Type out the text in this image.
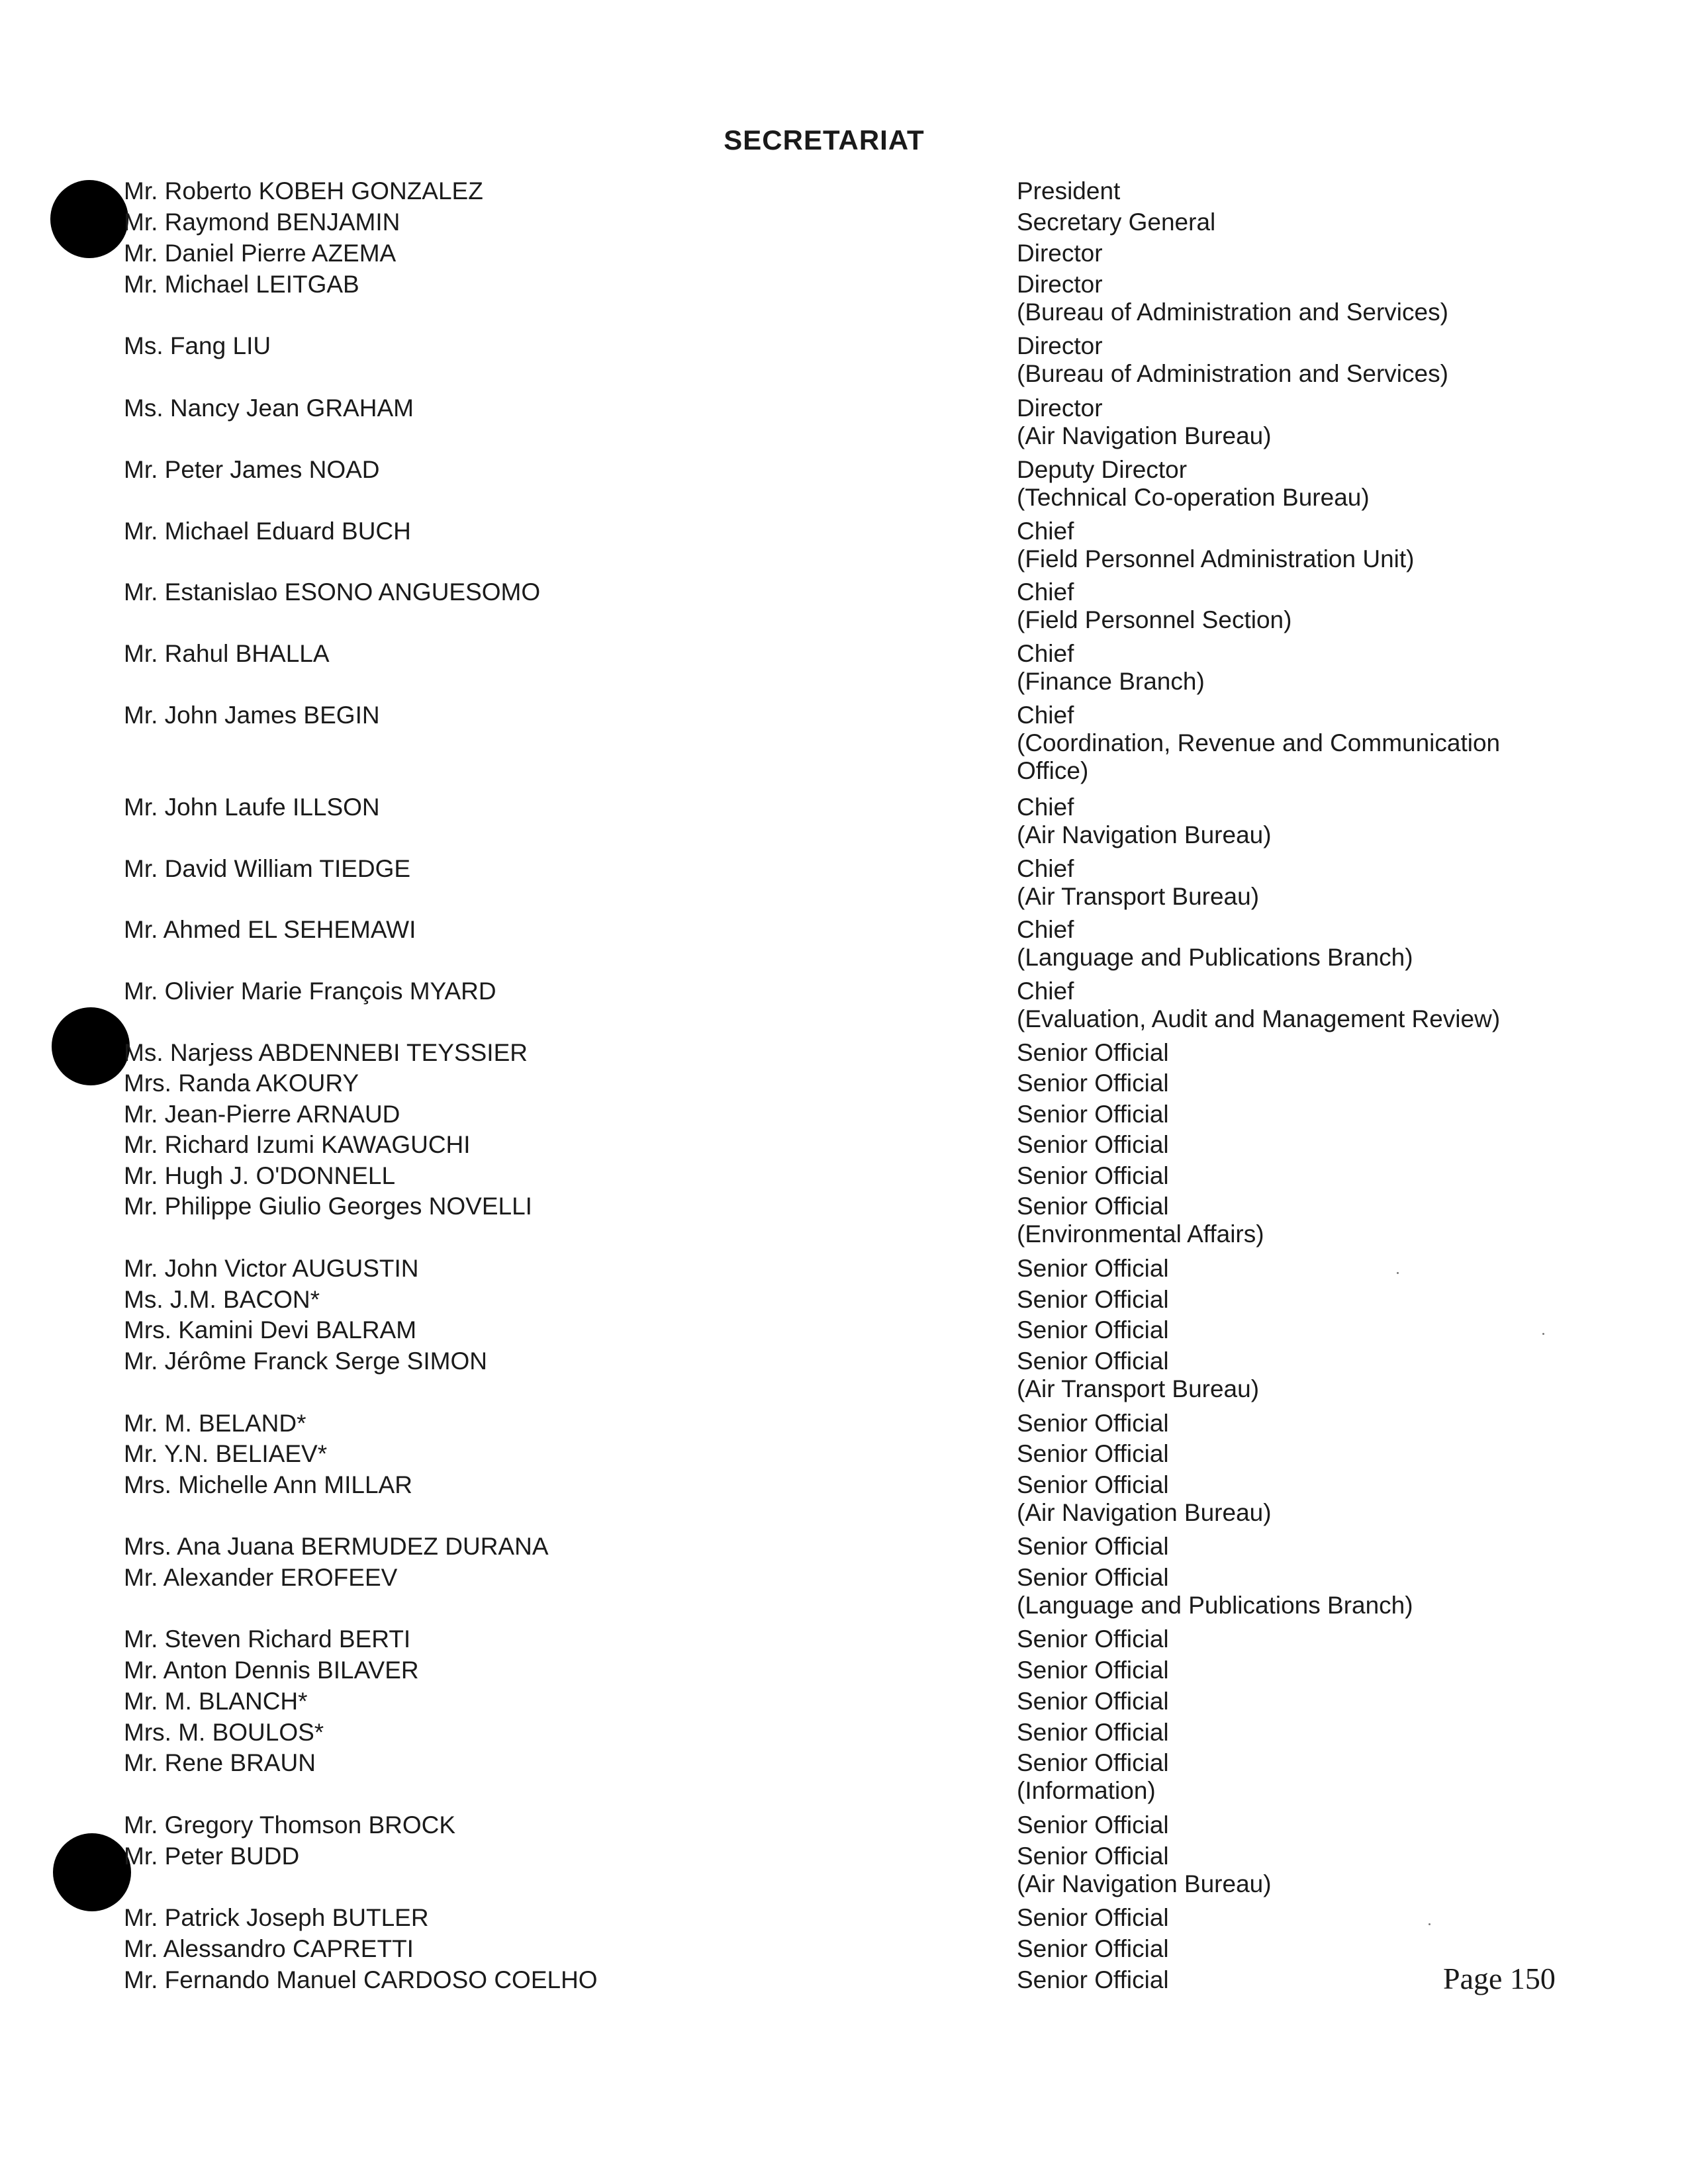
SECRETARIAT
Mr. Roberto KOBEH GONZALEZ	President
Mr. Raymond BENJAMIN	Secretary General
Mr. Daniel Pierre AZEMA	Director
Mr. Michael LEITGAB	Director
(Bureau of Administration and Services)
Ms. Fang LIU	Director
(Bureau of Administration and Services)
Ms. Nancy Jean GRAHAM	Director
(Air Navigation Bureau)
Mr. Peter James NOAD	Deputy Director
(Technical Co-operation Bureau)
Mr. Michael Eduard BUCH	Chief
(Field Personnel Administration Unit)
Mr. Estanislao ESONO ANGUESOMO	Chief
(Field Personnel Section)
Mr. Rahul BHALLA	Chief
(Finance Branch)
Mr. John James BEGIN	Chief
(Coordination, Revenue and Communication
Office)
Mr. John Laufe ILLSON	Chief
(Air Navigation Bureau)
Mr. David William TIEDGE	Chief
(Air Transport Bureau)
Mr. Ahmed EL SEHEMAWI	Chief
(Language and Publications Branch)
Mr. Olivier Marie François MYARD	Chief
(Evaluation, Audit and Management Review)
Ms. Narjess ABDENNEBI TEYSSIER	Senior Official
Mrs. Randa AKOURY	Senior Official
Mr. Jean-Pierre ARNAUD	Senior Official
Mr. Richard Izumi KAWAGUCHI	Senior Official
Mr. Hugh J. O'DONNELL	Senior Official
Mr. Philippe Giulio Georges NOVELLI	Senior Official
(Environmental Affairs)
Mr. John Victor AUGUSTIN	Senior Official
Ms. J.M. BACON*	Senior Official
Mrs. Kamini Devi BALRAM	Senior Official
Mr. Jérôme Franck Serge SIMON	Senior Official
(Air Transport Bureau)
Mr. M. BELAND*	Senior Official
Mr. Y.N. BELIAEV*	Senior Official
Mrs. Michelle Ann MILLAR	Senior Official
(Air Navigation Bureau)
Mrs. Ana Juana BERMUDEZ DURANA	Senior Official
Mr. Alexander EROFEEV	Senior Official
(Language and Publications Branch)
Mr. Steven Richard BERTI	Senior Official
Mr. Anton Dennis BILAVER	Senior Official
Mr. M. BLANCH*	Senior Official
Mrs. M. BOULOS*	Senior Official
Mr. Rene BRAUN	Senior Official
(Information)
Mr. Gregory Thomson BROCK	Senior Official
Mr. Peter BUDD	Senior Official
(Air Navigation Bureau)
Mr. Patrick Joseph BUTLER	Senior Official
Mr. Alessandro CAPRETTI	Senior Official
Mr. Fernando Manuel CARDOSO COELHO	Senior Official	Page 150
